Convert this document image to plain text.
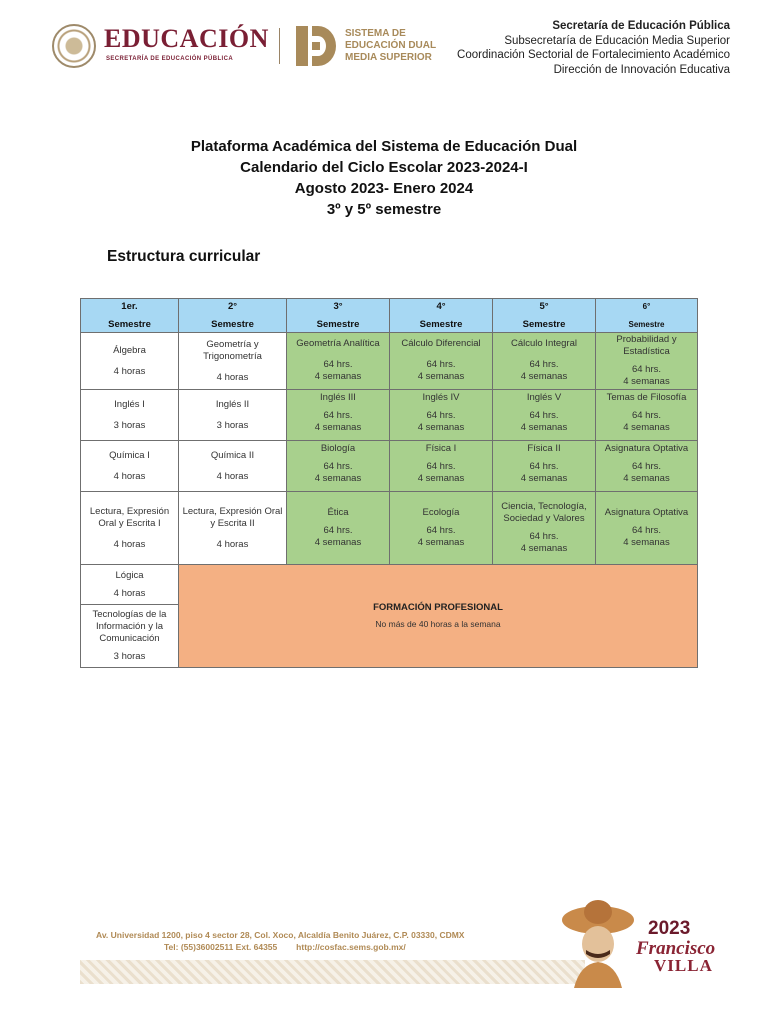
EDUCACIÓN
SECRETARÍA DE EDUCACIÓN PÚBLICA
SISTEMA DE
EDUCACIÓN DUAL
MEDIA SUPERIOR
Secretaría de Educación Pública
Subsecretaría de Educación Media Superior
Coordinación Sectorial de Fortalecimiento Académico
Dirección de Innovación Educativa
Plataforma Académica del Sistema de Educación Dual
Calendario del Ciclo Escolar 2023-2024-I
Agosto 2023- Enero 2024
3º y 5º semestre
Estructura curricular
1er.
Semestre
2°
Semestre
3°
Semestre
4°
Semestre
5°
Semestre
6°
Semestre
Álgebra
4 horas
Geometría y Trigonometría
4 horas
Geometría Analítica
64 hrs.
4 semanas
Cálculo Diferencial
64 hrs.
4 semanas
Cálculo Integral
64 hrs.
4 semanas
Probabilidad y Estadística
64 hrs.
4 semanas
Inglés I
3 horas
Inglés II
3 horas
Inglés III
64 hrs.
4 semanas
Inglés IV
64 hrs.
4 semanas
Inglés V
64 hrs.
4 semanas
Temas de Filosofía
64 hrs.
4 semanas
Química I
4 horas
Química II
4 horas
Biología
64 hrs.
4 semanas
Física I
64 hrs.
4 semanas
Física II
64 hrs.
4 semanas
Asignatura Optativa
64 hrs.
4 semanas
Lectura, Expresión Oral y Escrita I
4 horas
Lectura, Expresión Oral y Escrita II
4 horas
Ética
64 hrs.
4 semanas
Ecología
64 hrs.
4 semanas
Ciencia, Tecnología, Sociedad y Valores
64 hrs.
4 semanas
Asignatura Optativa
64 hrs.
4 semanas
Lógica
4 horas
Tecnologías de la Información y la Comunicación
3 horas
FORMACIÓN PROFESIONAL
No más de 40 horas a la semana
Av. Universidad 1200, piso 4 sector 28, Col. Xoco, Alcaldía Benito Juárez, C.P. 03330, CDMX
Tel: (55)36002511 Ext. 64355 http://cosfac.sems.gob.mx/
2023
Francisco
VILLA
